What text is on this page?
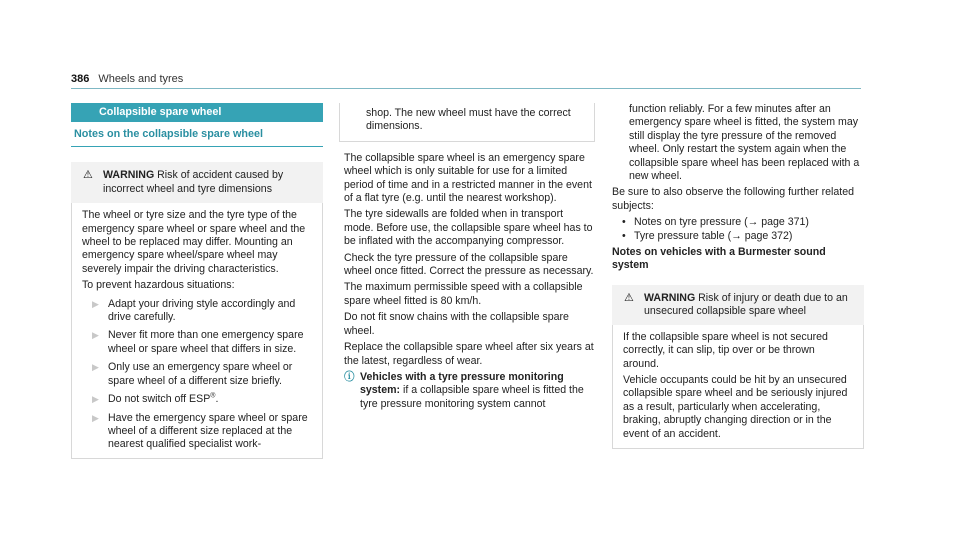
386 Wheels and tyres
Collapsible spare wheel
Notes on the collapsible spare wheel
⚠ WARNING Risk of accident caused by incorrect wheel and tyre dimensions

The wheel or tyre size and the tyre type of the emergency spare wheel or spare wheel and the wheel to be replaced may differ. Mounting an emergency spare wheel/spare wheel may severely impair the driving characteristics.

To prevent hazardous situations:

▶ Adapt your driving style accordingly and drive carefully.
▶ Never fit more than one emergency spare wheel or spare wheel that differs in size.
▶ Only use an emergency spare wheel or spare wheel of a different size briefly.
▶ Do not switch off ESP®.
▶ Have the emergency spare wheel or spare wheel of a different size replaced at the nearest qualified specialist work-
shop. The new wheel must have the correct dimensions.

The collapsible spare wheel is an emergency spare wheel which is only suitable for use for a limited period of time and in a restricted manner in the event of a flat tyre (e.g. until the nearest workshop).

The tyre sidewalls are folded when in transport mode. Before use, the collapsible spare wheel has to be inflated with the accompanying compressor.

Check the tyre pressure of the collapsible spare wheel once fitted. Correct the pressure as necessary.

The maximum permissible speed with a collapsible spare wheel fitted is 80 km/h.

Do not fit snow chains with the collapsible spare wheel.

Replace the collapsible spare wheel after six years at the latest, regardless of wear.

ⓘ Vehicles with a tyre pressure monitoring system: if a collapsible spare wheel is fitted the tyre pressure monitoring system cannot
function reliably. For a few minutes after an emergency spare wheel is fitted, the system may still display the tyre pressure of the removed wheel. Only restart the system again when the collapsible spare wheel has been replaced with a new wheel.

Be sure to also observe the following further related subjects:

• Notes on tyre pressure (→ page 371)
• Tyre pressure table (→ page 372)

Notes on vehicles with a Burmester sound system

⚠ WARNING Risk of injury or death due to an unsecured collapsible spare wheel

If the collapsible spare wheel is not secured correctly, it can slip, tip over or be thrown around.

Vehicle occupants could be hit by an unsecured collapsible spare wheel and be seriously injured as a result, particularly when accelerating, braking, abruptly changing direction or in the event of an accident.
